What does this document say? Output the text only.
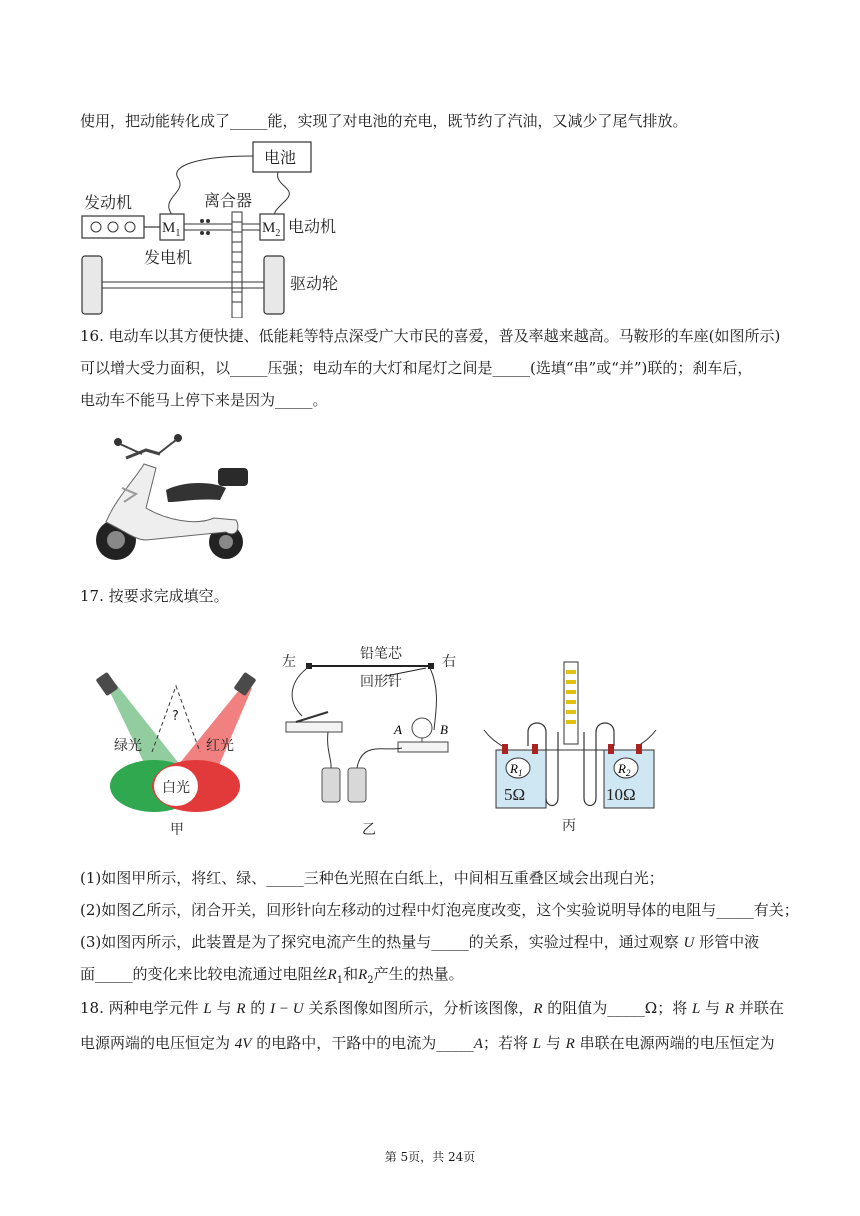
使用，把动能转化成了_____能，实现了对电池的充电，既节约了汽油，又减少了尾气排放。
电池
发动机
$M_1$
离合器
$M_2$ 电动机
发电机
驱动轮
16. 电动车以其方便快捷、低能耗等特点深受广大市民的喜爱，普及率越来越高。马鞍形的车座(如图所示)
可以增大受力面积，以_____压强；电动车的大灯和尾灯之间是_____(选填“串”或“并”)联的；刹车后，
电动车不能马上停下来是因为_____。
17. 按要求完成填空。
?
绿光	红光
白光
甲
左	铅笔芯	右
回形针
A	B
乙
$R_1$	$R_2$
5Ω	10Ω
丙
(1)如图甲所示，将红、绿、_____三种色光照在白纸上，中间相互重叠区域会出现白光；
(2)如图乙所示，闭合开关，回形针向左移动的过程中灯泡亮度改变，这个实验说明导体的电阻与_____有关；
(3)如图丙所示，此装置是为了探究电流产生的热量与_____的关系，实验过程中，通过观察 U 形管中液
面_____的变化来比较电流通过电阻丝$R_1$和$R_2$产生的热量。
18. 两种电学元件 L 与 R 的 I − U 关系图像如图所示，分析该图像，R 的阻值为_____Ω；将 L 与 R 并联在
电源两端的电压恒定为 4V 的电路中，干路中的电流为_____A；若将 L 与 R 串联在电源两端的电压恒定为
第 5页，共 24页
